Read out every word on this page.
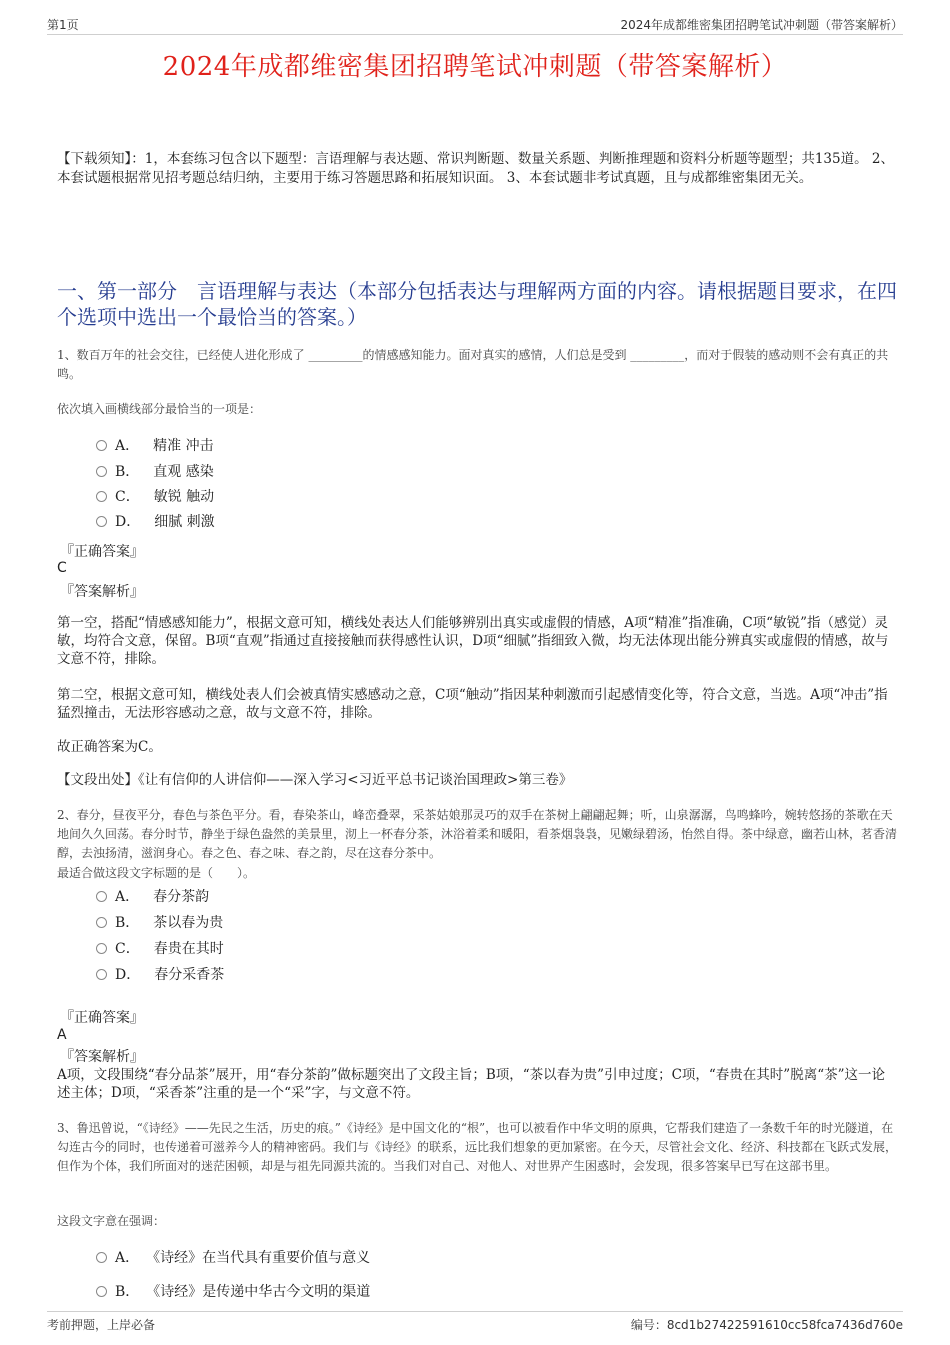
第1页	2024年成都维密集团招聘笔试冲刺题（带答案解析）
2024年成都维密集团招聘笔试冲刺题（带答案解析）
【下载须知】：1，本套练习包含以下题型：言语理解与表达题、常识判断题、数量关系题、判断推理题和资料分析题等题型；共135道。 2、本套试题根据常见招考题总结归纳，主要用于练习答题思路和拓展知识面。 3、本套试题非考试真题，且与成都维密集团无关。
一、第一部分　言语理解与表达（本部分包括表达与理解两方面的内容。请根据题目要求，在四个选项中选出一个最恰当的答案。）
1、数百万年的社会交往，已经使人进化形成了 _________的情感感知能力。面对真实的感情，人们总是受到 _________，而对于假装的感动则不会有真正的共鸣。
依次填入画横线部分最恰当的一项是：
A． 精准 冲击
B． 直观 感染
C． 敏锐 触动
D． 细腻 刺激
『正确答案』
C
『答案解析』
第一空，搭配“情感感知能力”，根据文意可知，横线处表达人们能够辨别出真实或虚假的情感，A项“精准”指准确，C项“敏锐”指（感觉）灵敏，均符合文意，保留。B项“直观”指通过直接接触而获得感性认识，D项“细腻”指细致入微，均无法体现出能分辨真实或虚假的情感，故与文意不符，排除。
第二空，根据文意可知，横线处表人们会被真情实感感动之意，C项“触动”指因某种刺激而引起感情变化等，符合文意，当选。A项“冲击”指猛烈撞击，无法形容感动之意，故与文意不符，排除。
故正确答案为C。
【文段出处】《让有信仰的人讲信仰——深入学习<习近平总书记谈治国理政>第三卷》
2、春分，昼夜平分，春色与茶色平分。看，春染茶山，峰峦叠翠，采茶姑娘那灵巧的双手在茶树上翩翩起舞；听，山泉潺潺，鸟鸣蜂吟，婉转悠扬的茶歌在天地间久久回荡。春分时节，静坐于绿色盎然的美景里，沏上一杯春分茶，沐浴着柔和暖阳，看茶烟袅袅，见嫩绿碧汤，怡然自得。茶中绿意，幽若山林，茗香清醇，去浊扬清，滋润身心。春之色、春之味、春之韵，尽在这春分茶中。
最适合做这段文字标题的是（　　）。
A． 春分茶韵
B． 茶以春为贵
C． 春贵在其时
D． 春分采香茶
『正确答案』
A
『答案解析』
A项，文段围绕“春分品茶”展开，用“春分茶韵”做标题突出了文段主旨；B项，“茶以春为贵”引申过度；C项，“春贵在其时”脱离“茶”这一论述主体；D项，“采香茶”注重的是一个“采”字，与文意不符。
3、鲁迅曾说，“《诗经》——先民之生活，历史的痕。”《诗经》是中国文化的“根”，也可以被看作中华文明的原典，它帮我们建造了一条数千年的时光隧道，在勾连古今的同时，也传递着可滋养今人的精神密码。我们与《诗经》的联系，远比我们想象的更加紧密。在今天，尽管社会文化、经济、科技都在飞跃式发展，但作为个体，我们所面对的迷茫困顿，却是与祖先同源共流的。当我们对自己、对他人、对世界产生困惑时，会发现，很多答案早已写在这部书里。
这段文字意在强调：
A． 《诗经》在当代具有重要价值与意义
B． 《诗经》是传递中华古今文明的渠道
考前押题，上岸必备	编号：8cd1b27422591610cc58fca7436d760e
